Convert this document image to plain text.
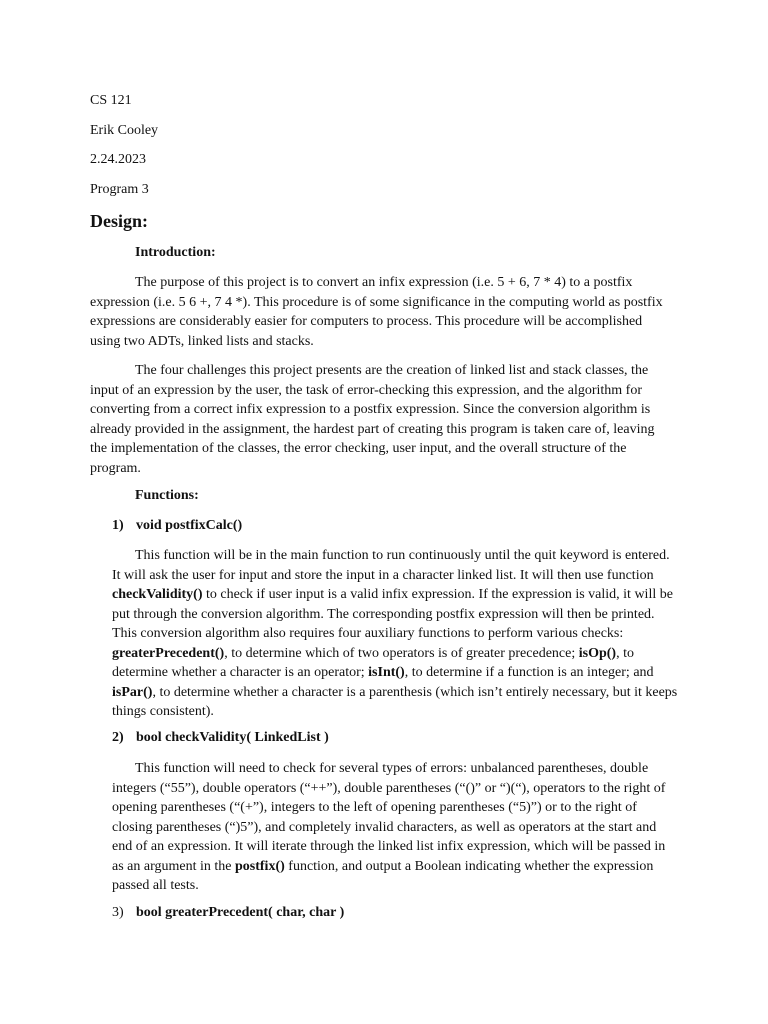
CS 121

Erik Cooley

2.24.2023

Program 3

Design:

Introduction:

The purpose of this project is to convert an infix expression (i.e. 5 + 6, 7 * 4) to a postfix expression (i.e. 5 6 +, 7 4 *). This procedure is of some significance in the computing world as postfix expressions are considerably easier for computers to process. This procedure will be accomplished using two ADTs, linked lists and stacks.

The four challenges this project presents are the creation of linked list and stack classes, the input of an expression by the user, the task of error-checking this expression, and the algorithm for converting from a correct infix expression to a postfix expression. Since the conversion algorithm is already provided in the assignment, the hardest part of creating this program is taken care of, leaving the implementation of the classes, the error checking, user input, and the overall structure of the program.

Functions:

1) void postfixCalc()

This function will be in the main function to run continuously until the quit keyword is entered. It will ask the user for input and store the input in a character linked list. It will then use function checkValidity() to check if user input is a valid infix expression. If the expression is valid, it will be put through the conversion algorithm. The corresponding postfix expression will then be printed. This conversion algorithm also requires four auxiliary functions to perform various checks: greaterPrecedent(), to determine which of two operators is of greater precedence; isOp(), to determine whether a character is an operator; isInt(), to determine if a function is an integer; and isPar(), to determine whether a character is a parenthesis (which isn’t entirely necessary, but it keeps things consistent).

2) bool checkValidity( LinkedList )

This function will need to check for several types of errors: unbalanced parentheses, double integers (“55”), double operators (“++”), double parentheses (“()” or “)(“), operators to the right of opening parentheses (“(+”), integers to the left of opening parentheses (“5)”) or to the right of closing parentheses (“)5”), and completely invalid characters, as well as operators at the start and end of an expression. It will iterate through the linked list infix expression, which will be passed in as an argument in the postfix() function, and output a Boolean indicating whether the expression passed all tests.

3) bool greaterPrecedent( char, char )
